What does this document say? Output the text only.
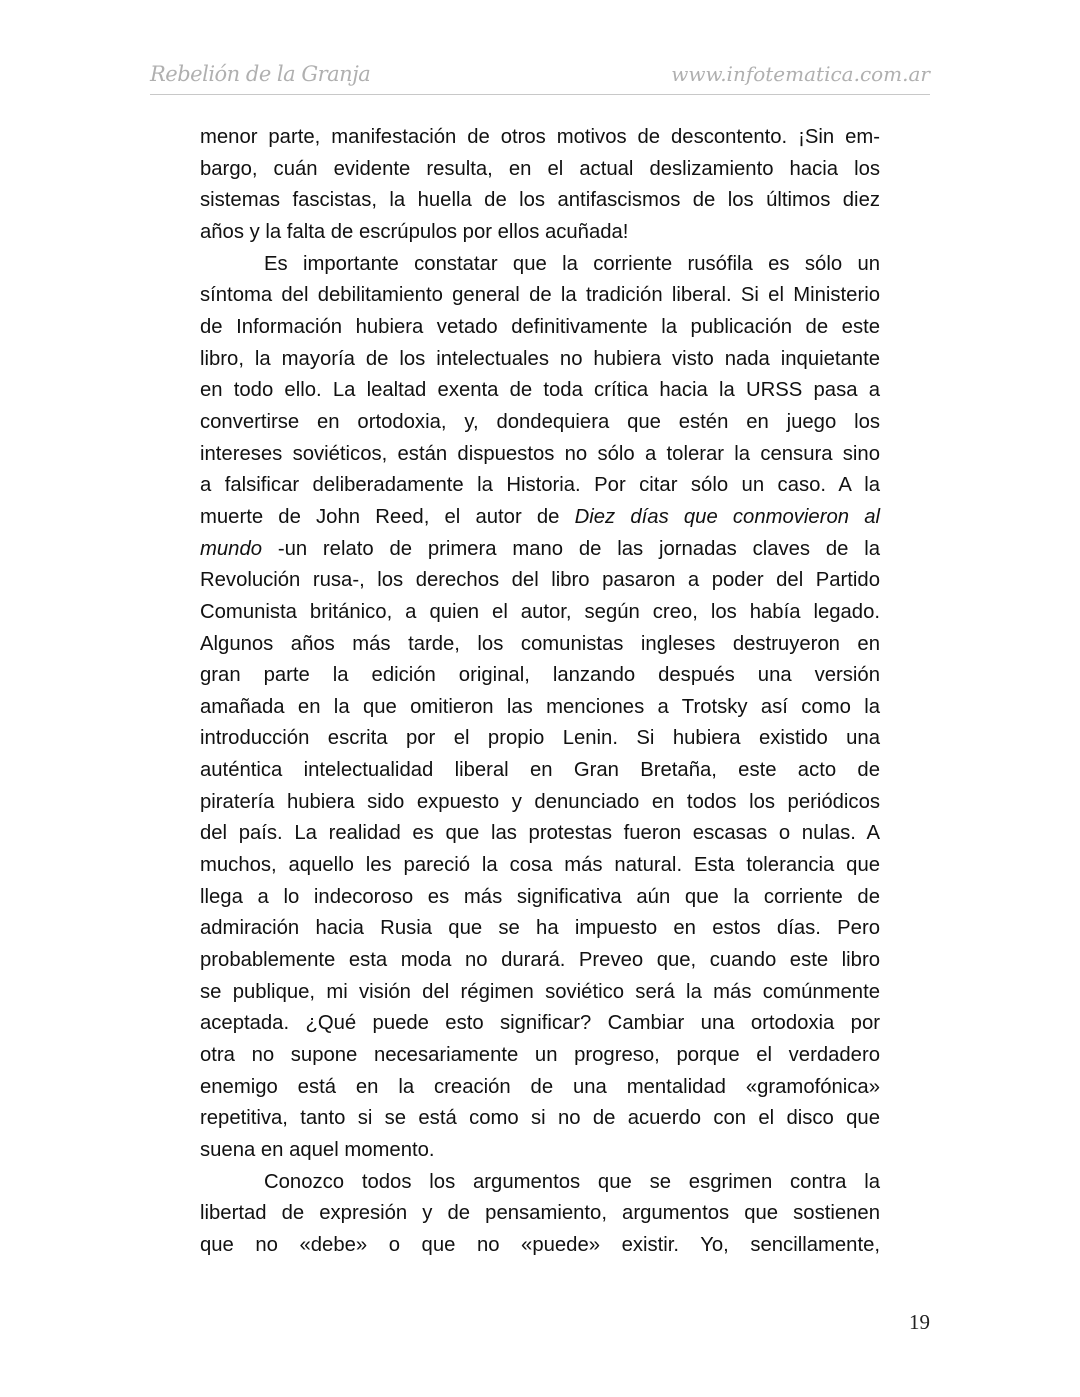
Rebelión de la Granja	www.infotematica.com.ar
menor parte, manifestación de otros motivos de descontento. ¡Sin em-
bargo, cuán evidente resulta, en el actual deslizamiento hacia los
sistemas fascistas, la huella de los antifascismos de los últimos diez
años y la falta de escrúpulos por ellos acuñada!
Es importante constatar que la corriente rusófila es sólo un
síntoma del debilitamiento general de la tradición liberal. Si el Ministerio
de Información hubiera vetado definitivamente la publicación de este
libro, la mayoría de los intelectuales no hubiera visto nada inquietante
en todo ello. La lealtad exenta de toda crítica hacia la URSS pasa a
convertirse en ortodoxia, y, dondequiera que estén en juego los
intereses soviéticos, están dispuestos no sólo a tolerar la censura sino
a falsificar deliberadamente la Historia. Por citar sólo un caso. A la
muerte de John Reed, el autor de Diez días que conmovieron al
mundo -un relato de primera mano de las jornadas claves de la
Revolución rusa-, los derechos del libro pasaron a poder del Partido
Comunista británico, a quien el autor, según creo, los había legado.
Algunos años más tarde, los comunistas ingleses destruyeron en
gran parte la edición original, lanzando después una versión
amañada en la que omitieron las menciones a Trotsky así como la
introducción escrita por el propio Lenin. Si hubiera existido una
auténtica intelectualidad liberal en Gran Bretaña, este acto de
piratería hubiera sido expuesto y denunciado en todos los periódicos
del país. La realidad es que las protestas fueron escasas o nulas. A
muchos, aquello les pareció la cosa más natural. Esta tolerancia que
llega a lo indecoroso es más significativa aún que la corriente de
admiración hacia Rusia que se ha impuesto en estos días. Pero
probablemente esta moda no durará. Preveo que, cuando este libro
se publique, mi visión del régimen soviético será la más comúnmente
aceptada. ¿Qué puede esto significar? Cambiar una ortodoxia por
otra no supone necesariamente un progreso, porque el verdadero
enemigo está en la creación de una mentalidad «gramofónica»
repetitiva, tanto si se está como si no de acuerdo con el disco que
suena en aquel momento.
Conozco todos los argumentos que se esgrimen contra la
libertad de expresión y de pensamiento, argumentos que sostienen
que no «debe» o que no «puede» existir. Yo, sencillamente,
19
